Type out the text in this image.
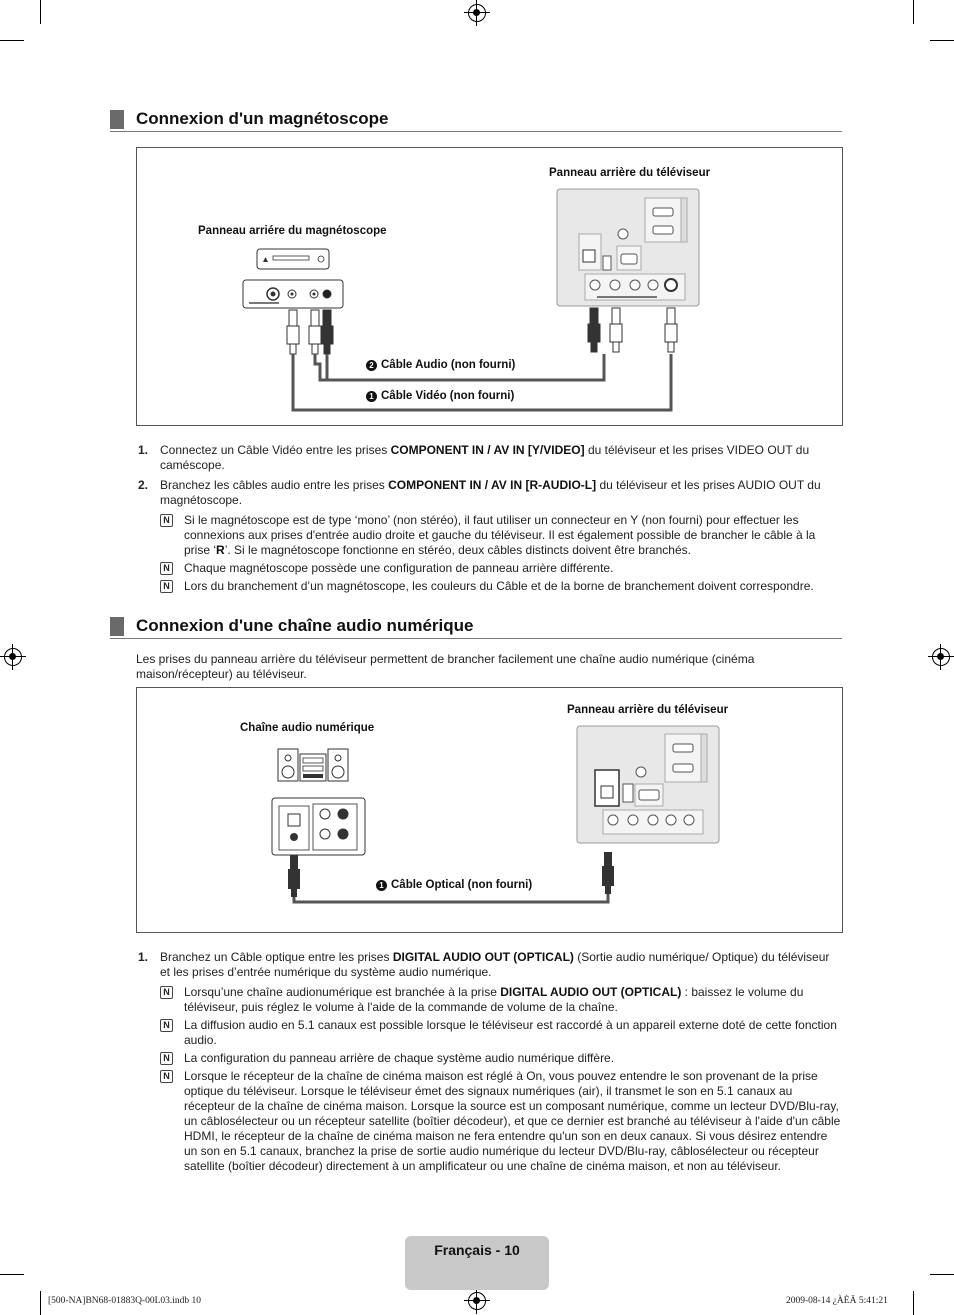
Connexion d'un magnétoscope
Panneau arrière du téléviseur
Panneau arriére du magnétoscope
2 Câble Audio (non fourni)
1 Câble Vidéo (non fourni)
1. Connectez un Câble Vidéo entre les prises COMPONENT IN / AV IN [Y/VIDEO] du téléviseur et les prises VIDEO OUT du caméscope.
2. Branchez les câbles audio entre les prises COMPONENT IN / AV IN [R-AUDIO-L] du téléviseur et les prises AUDIO OUT du magnétoscope.
N Si le magnétoscope est de type ‘mono’ (non stéréo), il faut utiliser un connecteur en Y (non fourni) pour effectuer les connexions aux prises d'entrée audio droite et gauche du téléviseur. Il est également possible de brancher le câble à la prise ‘R’. Si le magnétoscope fonctionne en stéréo, deux câbles distincts doivent être branchés.
N Chaque magnétoscope possède une configuration de panneau arrière différente.
N Lors du branchement d’un magnétoscope, les couleurs du Câble et de la borne de branchement doivent correspondre.
Connexion d'une chaîne audio numérique
Les prises du panneau arrière du téléviseur permettent de brancher facilement une chaîne audio numérique (cinéma maison/récepteur) au téléviseur.
Panneau arrière du téléviseur
Chaîne audio numérique
1 Câble Optical (non fourni)
1. Branchez un Câble optique entre les prises DIGITAL AUDIO OUT (OPTICAL) (Sortie audio numérique/ Optique) du téléviseur et les prises d’entrée numérique du système audio numérique.
N Lorsqu’une chaîne audionumérique est branchée à la prise DIGITAL AUDIO OUT (OPTICAL) : baissez le volume du téléviseur, puis réglez le volume à l'aide de la commande de volume de la chaîne.
N La diffusion audio en 5.1 canaux est possible lorsque le téléviseur est raccordé à un appareil externe doté de cette fonction audio.
N La configuration du panneau arrière de chaque système audio numérique diffère.
N Lorsque le récepteur de la chaîne de cinéma maison est réglé à On, vous pouvez entendre le son provenant de la prise optique du téléviseur. Lorsque le téléviseur émet des signaux numériques (air), il transmet le son en 5.1 canaux au récepteur de la chaîne de cinéma maison. Lorsque la source est un composant numérique, comme un lecteur DVD/Blu-ray, un câblosélecteur ou un récepteur satellite (boîtier décodeur), et que ce dernier est branché au téléviseur à l'aide d'un câble HDMI, le récepteur de la chaîne de cinéma maison ne fera entendre qu'un son en deux canaux. Si vous désirez entendre un son en 5.1 canaux, branchez la prise de sortie audio numérique du lecteur DVD/Blu-ray, câblosélecteur ou récepteur satellite (boîtier décodeur) directement à un amplificateur ou une chaîne de cinéma maison, et non au téléviseur.
Français - 10
[500-NA]BN68-01883Q-00L03.indb 10	2009-08-14 ¿ÀÈÄ 5:41:21
